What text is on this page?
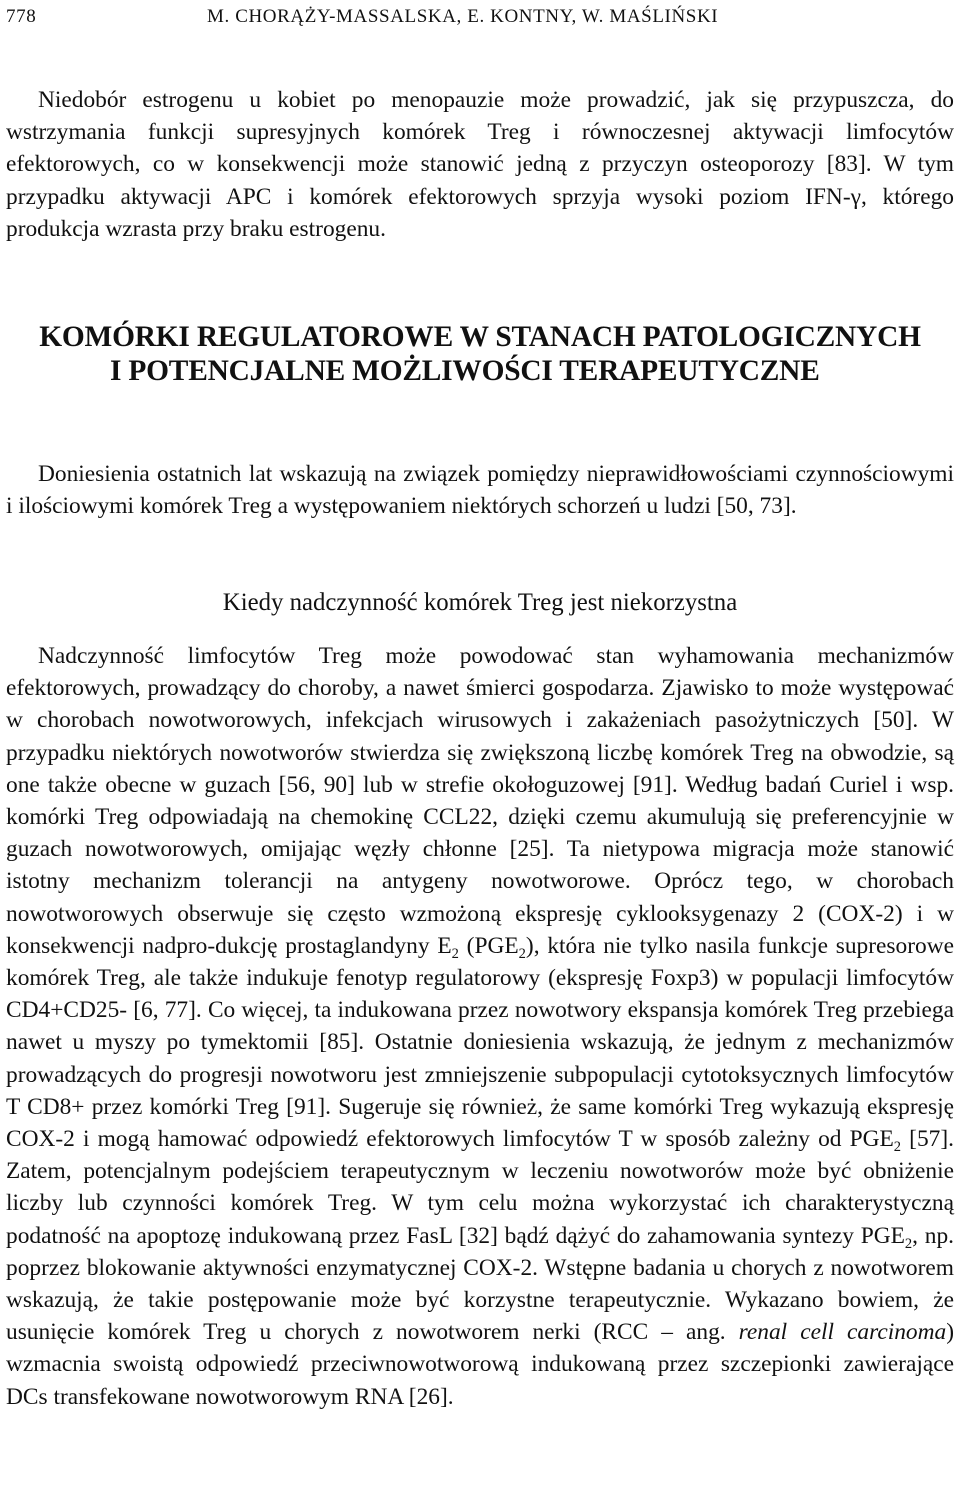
778	M. CHORĄŻY-MASSALSKA, E. KONTNY, W. MAŚLIŃSKI

Niedobór estrogenu u kobiet po menopauzie może prowadzić, jak się przypuszcza, do wstrzymania funkcji supresyjnych komórek Treg i równoczesnej aktywacji limfocytów efektorowych, co w konsekwencji może stanowić jedną z przyczyn osteoporozy [83]. W tym przypadku aktywacji APC i komórek efektorowych sprzyja wysoki poziom IFN-γ, którego produkcja wzrasta przy braku estrogenu.

KOMÓRKI REGULATOROWE W STANACH PATOLOGICZNYCH
I POTENCJALNE MOŻLIWOŚCI TERAPEUTYCZNE

Doniesienia ostatnich lat wskazują na związek pomiędzy nieprawidłowościami czynnościowymi i ilościowymi komórek Treg a występowaniem niektórych schorzeń u ludzi [50, 73].

Kiedy nadczynność komórek Treg jest niekorzystna

Nadczynność limfocytów Treg może powodować stan wyhamowania mechanizmów efektorowych, prowadzący do choroby, a nawet śmierci gospodarza. Zjawisko to może występować w chorobach nowotworowych, infekcjach wirusowych i zakażeniach pasożytniczych [50]. W przypadku niektórych nowotworów stwierdza się zwiększoną liczbę komórek Treg na obwodzie, są one także obecne w guzach [56, 90] lub w strefie okołoguzowej [91]. Według badań Curiel i wsp. komórki Treg odpowiadają na chemokinę CCL22, dzięki czemu akumulują się preferencyjnie w guzach nowotworowych, omijając węzły chłonne [25]. Ta nietypowa migracja może stanowić istotny mechanizm tolerancji na antygeny nowotworowe. Oprócz tego, w chorobach nowotworowych obserwuje się często wzmożoną ekspresję cyklooksygenazy 2 (COX-2) i w konsekwencji nadpro-dukcję prostaglandyny $E_2$ $(PGE_2)$, która nie tylko nasila funkcje supresorowe komórek Treg, ale także indukuje fenotyp regulatorowy (ekspresję Foxp3) w populacji limfocytów CD4+CD25- [6, 77]. Co więcej, ta indukowana przez nowotwory ekspansja komórek Treg przebiega nawet u myszy po tymektomii [85]. Ostatnie doniesienia wskazują, że jednym z mechanizmów prowadzących do progresji nowotworu jest zmniejszenie subpopulacji cytotoksycznych limfocytów T CD8+ przez komórki Treg [91]. Sugeruje się również, że same komórki Treg wykazują ekspresję COX-2 i mogą hamować odpowiedź efektorowych limfocytów T w sposób zależny od $PGE_2$ [57]. Zatem, potencjalnym podejściem terapeutycznym w leczeniu nowotworów może być obniżenie liczby lub czynności komórek Treg. W tym celu można wykorzystać ich charakterystyczną podatność na apoptozę indukowaną przez FasL [32] bądź dążyć do zahamowania syntezy $PGE_2$, np. poprzez blokowanie aktywności enzymatycznej COX-2. Wstępne badania u chorych z nowotworem wskazują, że takie postępowanie może być korzystne terapeutycznie. Wykazano bowiem, że usunięcie komórek Treg u chorych z nowotworem nerki (RCC – ang. renal cell carcinoma) wzmacnia swoistą odpowiedź przeciwnowotworową indukowaną przez szczepionki zawierające DCs transfekowane nowotworowym RNA [26].
